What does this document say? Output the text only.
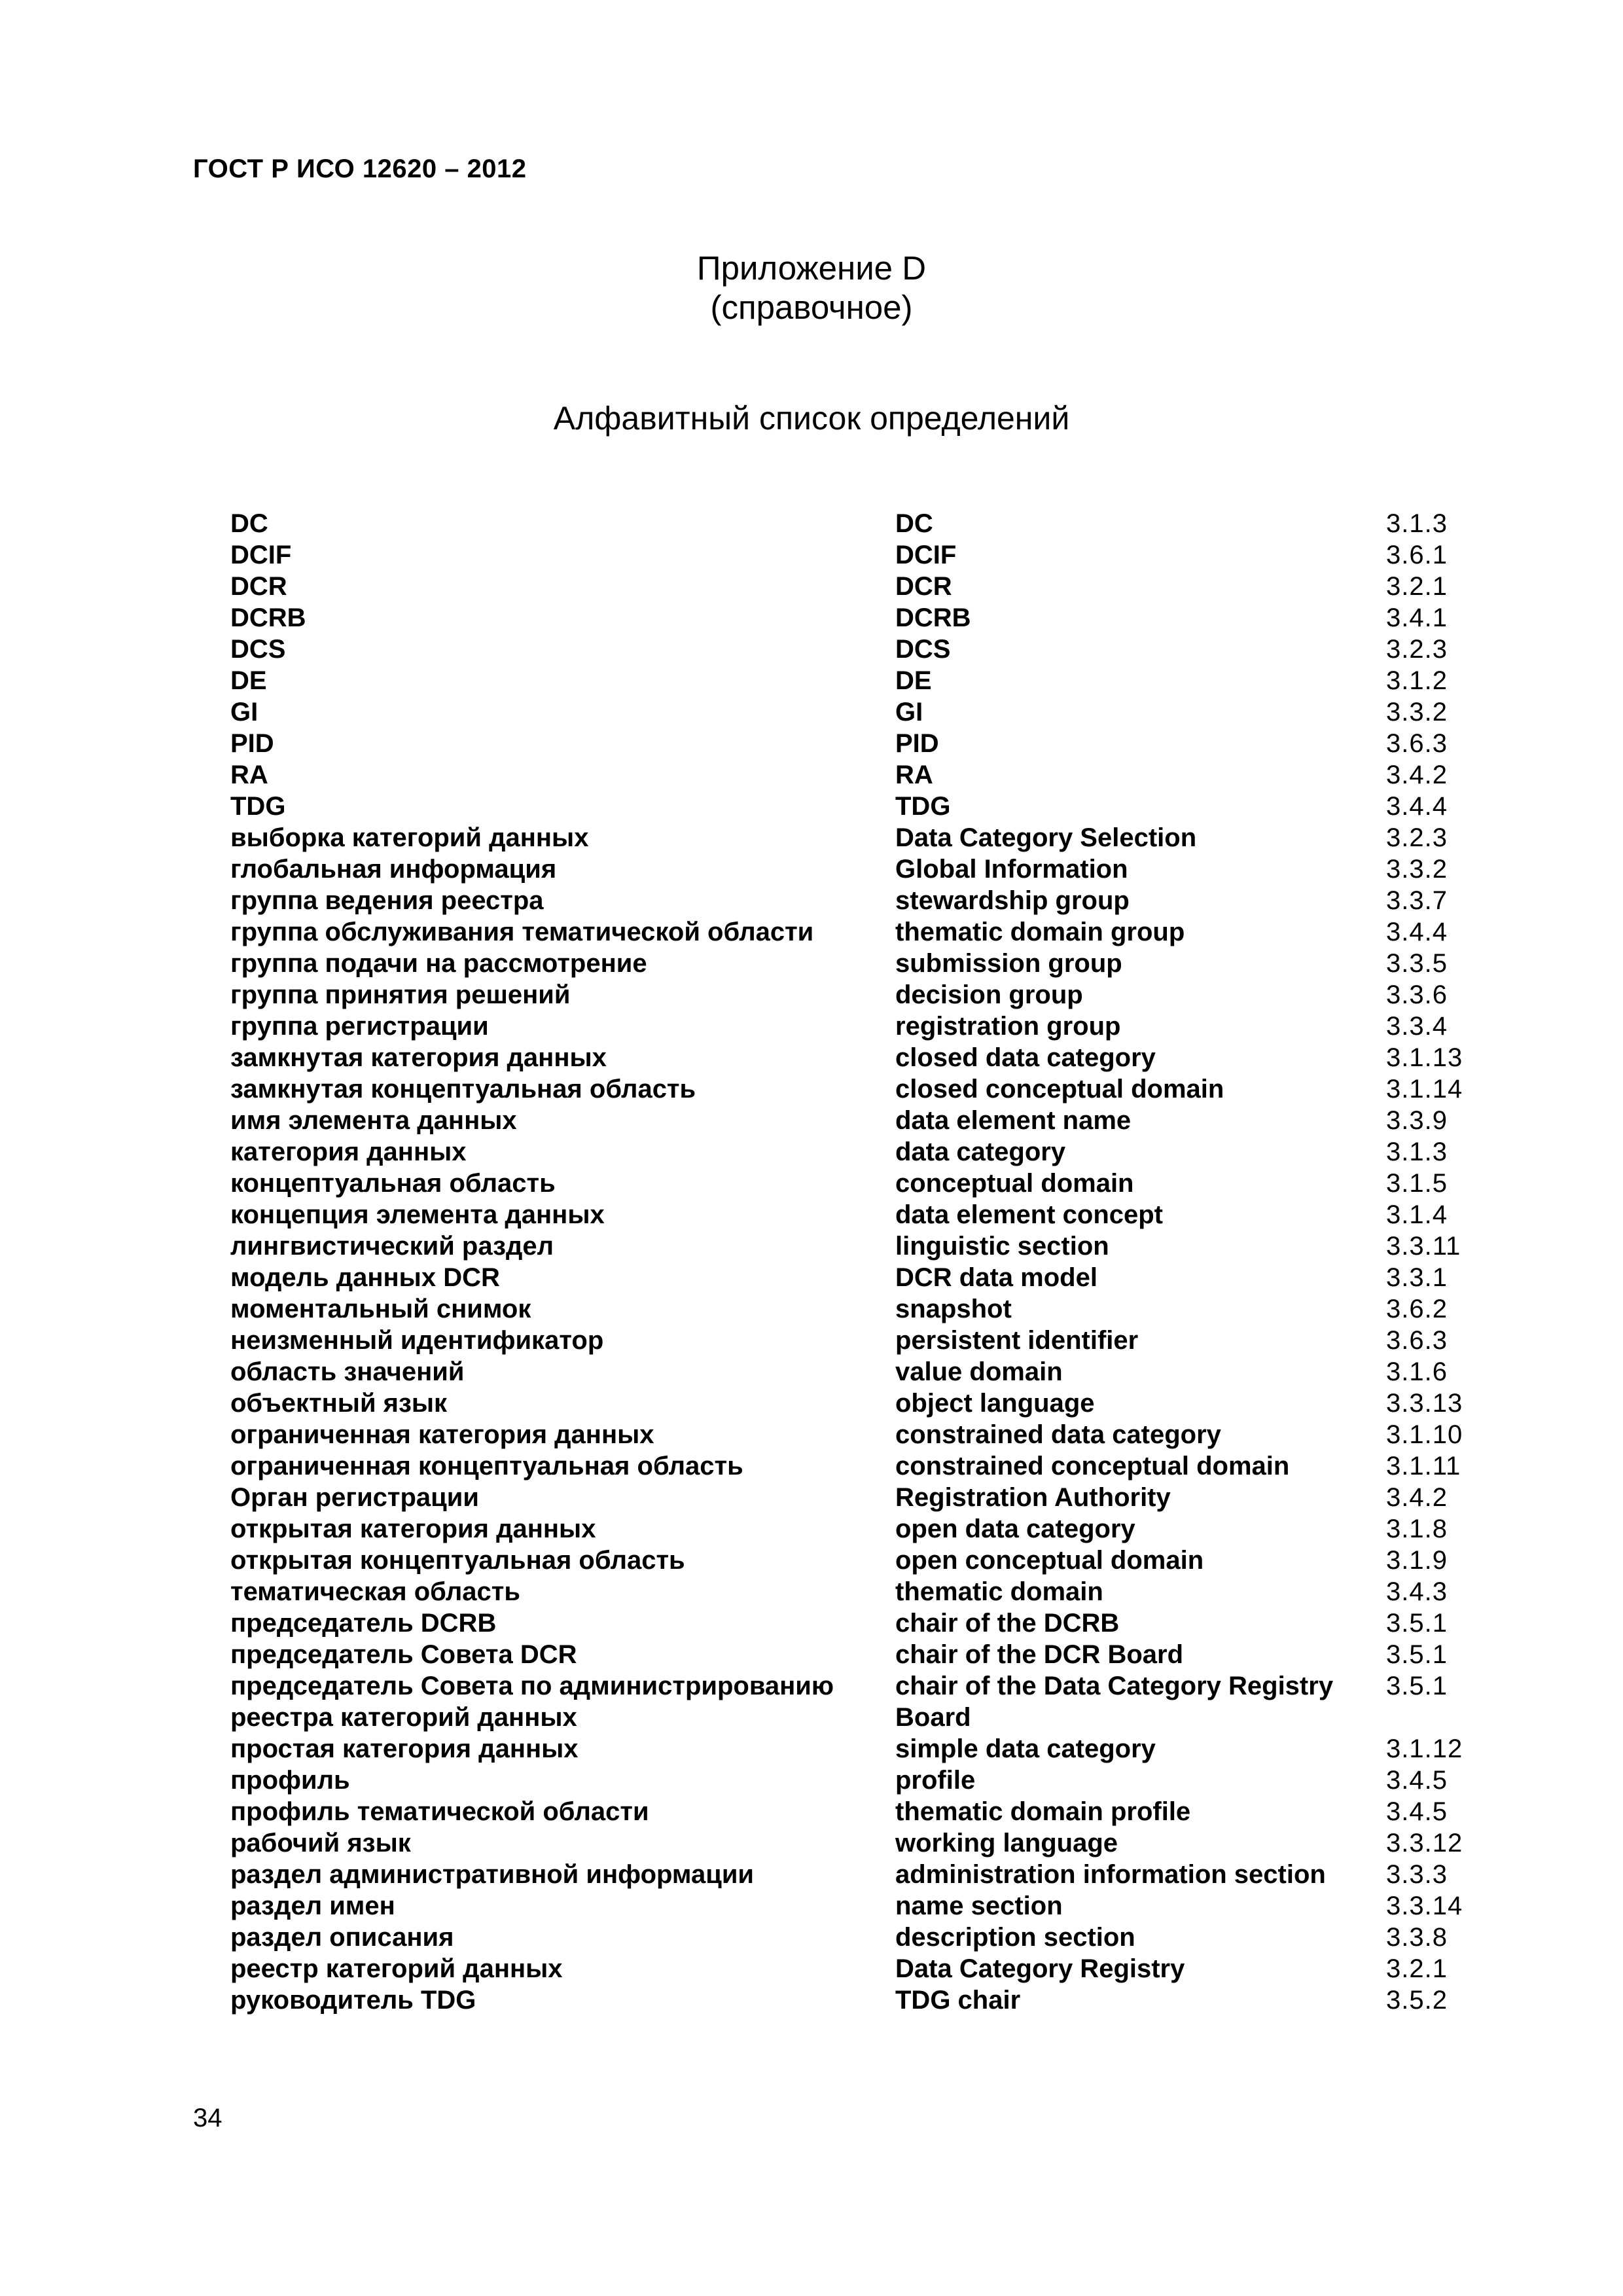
ГОСТ Р ИСО 12620 – 2012
Приложение D
(справочное)
Алфавитный список определений
DC	DC	3.1.3
DCIF	DCIF	3.6.1
DCR	DCR	3.2.1
DCRB	DCRB	3.4.1
DCS	DCS	3.2.3
DE	DE	3.1.2
GI	GI	3.3.2
PID	PID	3.6.3
RA	RA	3.4.2
TDG	TDG	3.4.4
выборка категорий данных	Data Category Selection	3.2.3
глобальная информация	Global Information	3.3.2
группа ведения реестра	stewardship group	3.3.7
группа обслуживания тематической области	thematic domain group	3.4.4
группа подачи на рассмотрение	submission group	3.3.5
группа принятия решений	decision group	3.3.6
группа регистрации	registration group	3.3.4
замкнутая категория данных	closed data category	3.1.13
замкнутая концептуальная область	closed conceptual domain	3.1.14
имя элемента данных	data element name	3.3.9
категория данных	data category	3.1.3
концептуальная область	conceptual domain	3.1.5
концепция элемента данных	data element concept	3.1.4
лингвистический раздел	linguistic section	3.3.11
модель данных DCR	DCR data model	3.3.1
моментальный снимок	snapshot	3.6.2
неизменный идентификатор	persistent identifier	3.6.3
область значений	value domain	3.1.6
объектный язык	object language	3.3.13
ограниченная категория данных	constrained data category	3.1.10
ограниченная концептуальная область	constrained conceptual domain	3.1.11
Орган регистрации	Registration Authority	3.4.2
открытая категория данных	open data category	3.1.8
открытая концептуальная область	open conceptual domain	3.1.9
тематическая область	thematic domain	3.4.3
председатель DCRB	chair of the DCRB	3.5.1
председатель Совета DCR	chair of the DCR Board	3.5.1
председатель Совета по администрированию реестра категорий данных	chair of the Data Category Registry Board	3.5.1
простая категория данных	simple data category	3.1.12
профиль	profile	3.4.5
профиль тематической области	thematic domain profile	3.4.5
рабочий язык	working language	3.3.12
раздел административной информации	administration information section	3.3.3
раздел имен	name section	3.3.14
раздел описания	description section	3.3.8
реестр категорий данных	Data Category Registry	3.2.1
руководитель TDG	TDG chair	3.5.2
34
